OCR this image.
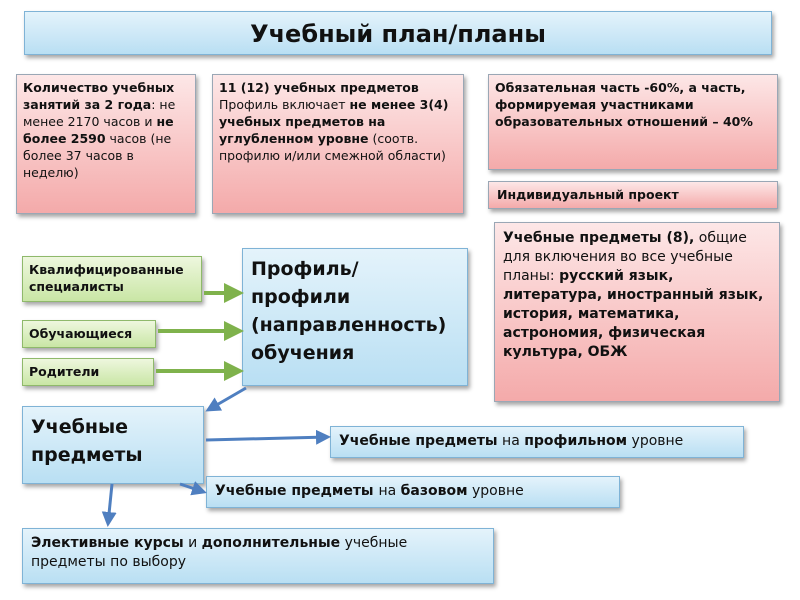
Учебный план/планы
Количество учебных занятий за 2 года: не менее 2170 часов и не более 2590 часов (не более 37 часов в неделю)
11 (12) учебных предметов Профиль включает не менее 3(4) учебных предметов на углубленном уровне (соотв. профилю и/или смежной области)
Обязательная часть -60%, а часть, формируемая участниками образовательных отношений – 40%
Индивидуальный проект
Учебные предметы (8), общие для включения во все учебные планы: русский язык, литература, иностранный язык, история, математика, астрономия, физическая культура, ОБЖ
Квалифицированные специалисты
Обучающиеся
Родители
Профиль/ профили (направленность) обучения
Учебные предметы
Учебные предметы на профильном уровне
Учебные предметы на базовом уровне
Элективные курсы и дополнительные учебные предметы по выбору
